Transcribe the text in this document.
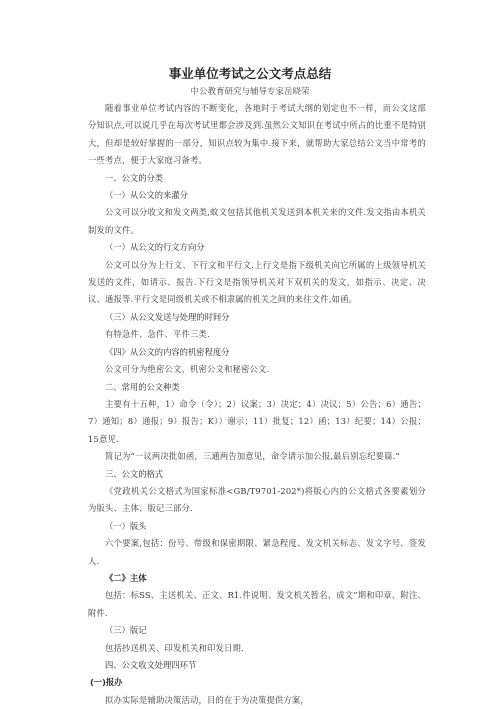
事业单位考试之公文考点总结
中公教育研究与辅导专家岳晓荣

随着事业单位考试内容的不断变化，各地时于考试大纲的划定也不一样，而公文这部分知识点,可以说几乎在每次考试里都会涉及到.虽然公文知识在考试中所占的比重不是特别大，但却是较好掌握的一部分，知识点较为集中.接下来，就帮助大家总结公文当中常考的一些考点，便于大家庭习备考。

一、公文的分类

（一）从公文的来灌分

公文可以分收文和发文两类,蚊文包括其他机关发送到本机关来的文件.发文指由本机关制发的文件。

（一）从公文的行文方向分

公文可以分为上行文、下行文和平行文.上行文是指下级机关向它所属的上级领导机关发送的文件，如请示、报告.下行文是指领导机关对下双机关的发文，如指示、决定、决议、通报等.平行文是同级机关或不相隶属的机关之间的来往文件,如函。

（三）从公文发送与处理的时间分

有特急件、急件、平件三类.

《四》从公文的内容的机密程度分

公文可分为绝密公文、机密公文和秘密公文.

二、常用的公文种类

主要有十五种，1）命令（令）；2）议案；3）决定；4）决议；5）公告；6）通告；7）通知；8）通报；9）报告；K））谢示；11）批复；12）函；13）纪要；14）公报；15意见.

简记为“一议两决批如函，三通两告加意见，命令请示加公报,最后别忘纪要篇.”

三、公文的格式

《党政机关公文格式为国家标准<GB/T9701-202*)将版心内的公文格式各要素划分为版头、主体、版记三部分.

（一）版头

六个要案,包括：份号、带级和保密期限、紧急程度、发文机关标志、发文字号、签发人.

《二》主体

包括：标SS、主送机关、正文、R1.件说明、发文机关暂名、成文”期和印章、附注、附件.

（三）版记

包括抄送机关、印发机关和印发日期.

四、公文收文处理四环节

(一)报办

拟办实际是辅助决策活动，目的在于为决策提供方案，
